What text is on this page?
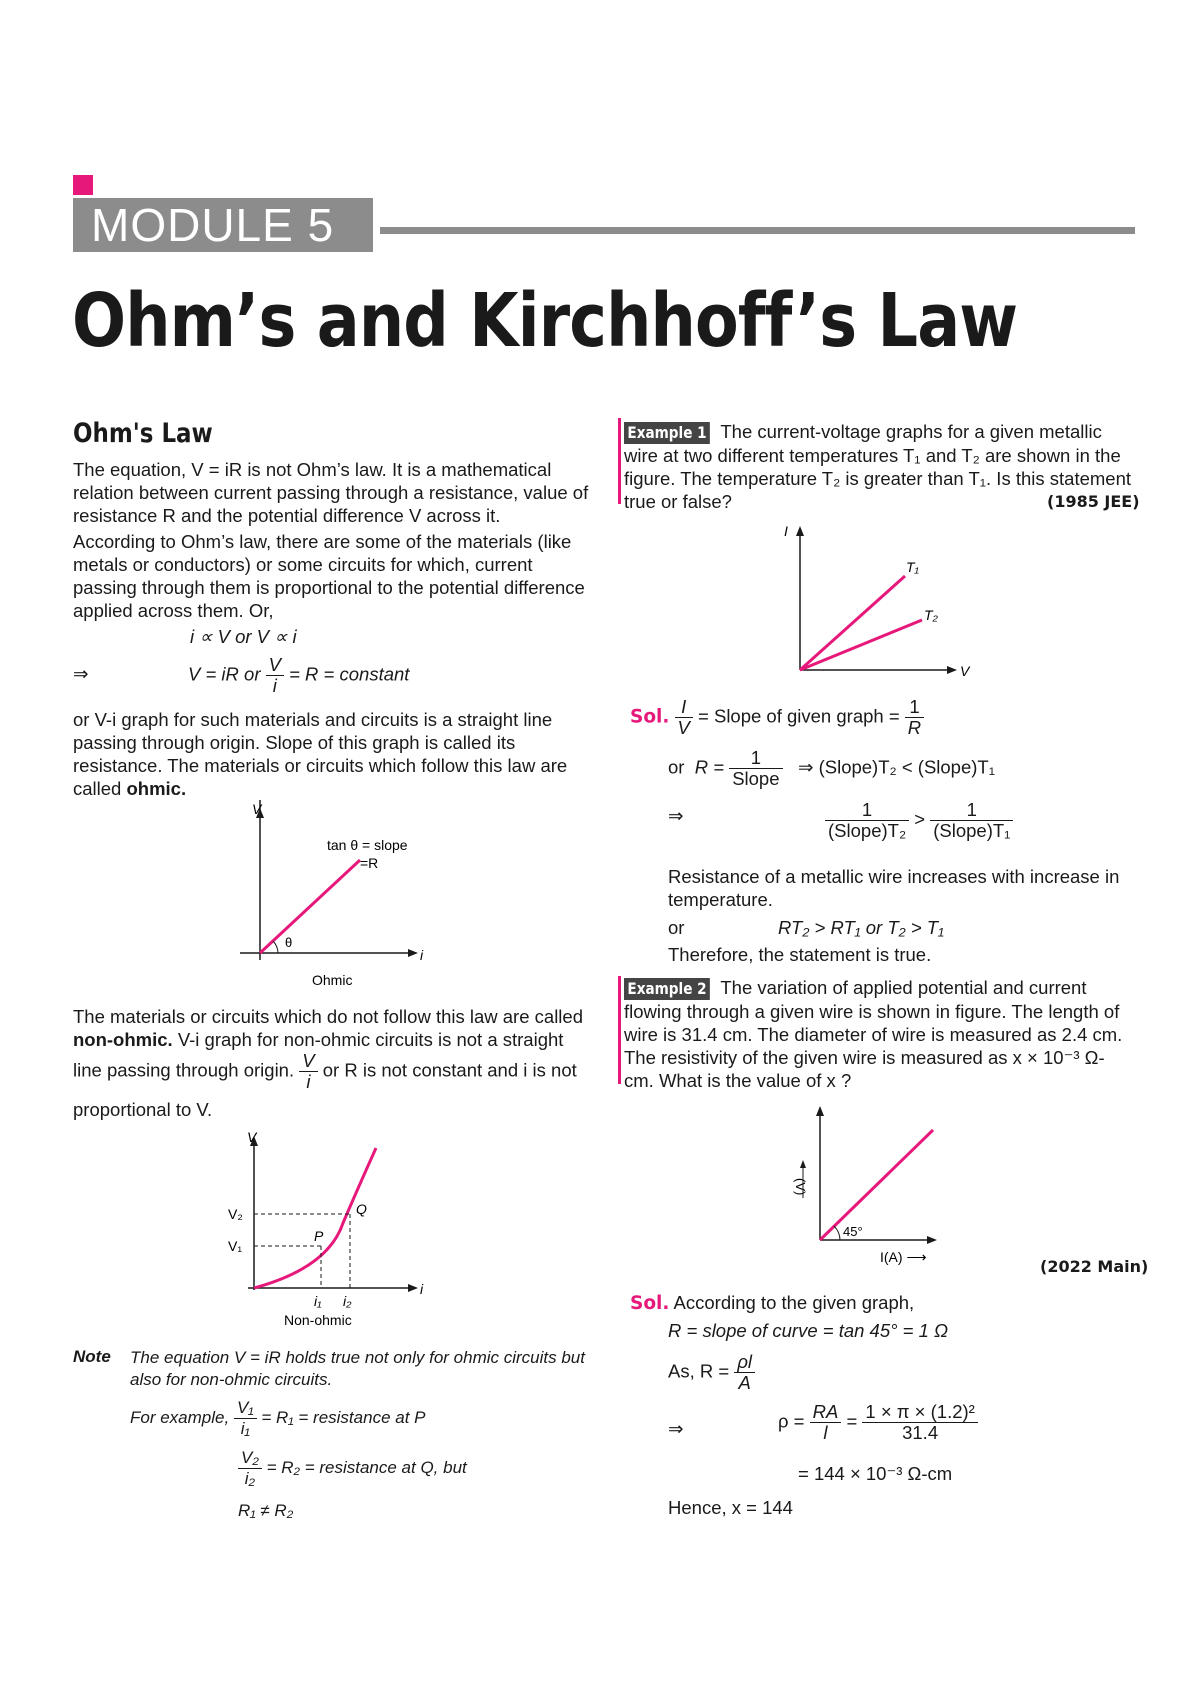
MODULE 5
Ohm’s and Kirchhoff’s Law
Ohm's Law
The equation, V = iR is not Ohm’s law. It is a mathematical relation between current passing through a resistance, value of resistance R and the potential difference V across it.
According to Ohm’s law, there are some of the materials (like metals or conductors) or some circuits for which, current passing through them is proportional to the potential difference applied across them. Or,
i ∝ V or V ∝ i
⇒	V = iR or $\frac{V}{i} = R$ = constant
or V-i graph for such materials and circuits is a straight line passing through origin. Slope of this graph is called its resistance. The materials or circuits which follow this law are called ohmic.
V
i
tan θ = slope
=R
θ
Ohmic
The materials or circuits which do not follow this law are called non-ohmic. V-i graph for non-ohmic circuits is not a straight line passing through origin. $\frac{V}{i}$ or R is not constant and i is not
proportional to V.
V
i
V₂
V₁
P
Q
i₁ i₂
Non-ohmic
Note The equation V = iR holds true not only for ohmic circuits but also for non-ohmic circuits.
For example, $\frac{\text{V₁}}{\text{i₁}} = R_1$ = resistance at P
$\frac{\text{V₂}}{\text{i₂}} = R_2$ = resistance at Q, but
R₁ ≠ R₂
Example 1 The current-voltage graphs for a given metallic wire at two different temperatures T₁ and T₂ are shown in the figure. The temperature T₂ is greater than T₁. Is this statement true or false?	(1985 JEE)
I
V
T₁
T₂
Sol. $\frac{I}{V}$ = Slope of given graph = $\frac{1}{R}$
or $R = \frac{1}{\text{Slope}}$ ⇒ (Slope)T₂ < (Slope)T₁
⇒	$\frac{1}{\text{(Slope)T₂}} > \frac{1}{\text{(Slope)T₁}}$
Resistance of a metallic wire increases with increase in temperature.
or	RT₂ > RT₁ or T₂ > T₁
Therefore, the statement is true.
Example 2 The variation of applied potential and current flowing through a given wire is shown in figure. The length of wire is 31.4 cm. The diameter of wire is measured as 2.4 cm. The resistivity of the given wire is measured as x × 10⁻³ Ω-cm. What is the value of x ?
45°
(V)
I(A) ⟶	(2022 Main)
Sol. According to the given graph,
R = slope of curve = tan 45° = 1 Ω
As, $R = \frac{\rho l}{A}$
⇒	$\rho = \frac{RA}{l} = \frac{\text{1 × π × (1.2)²}}{31.4}$
= 144 × 10⁻³ Ω-cm
Hence, x = 144
